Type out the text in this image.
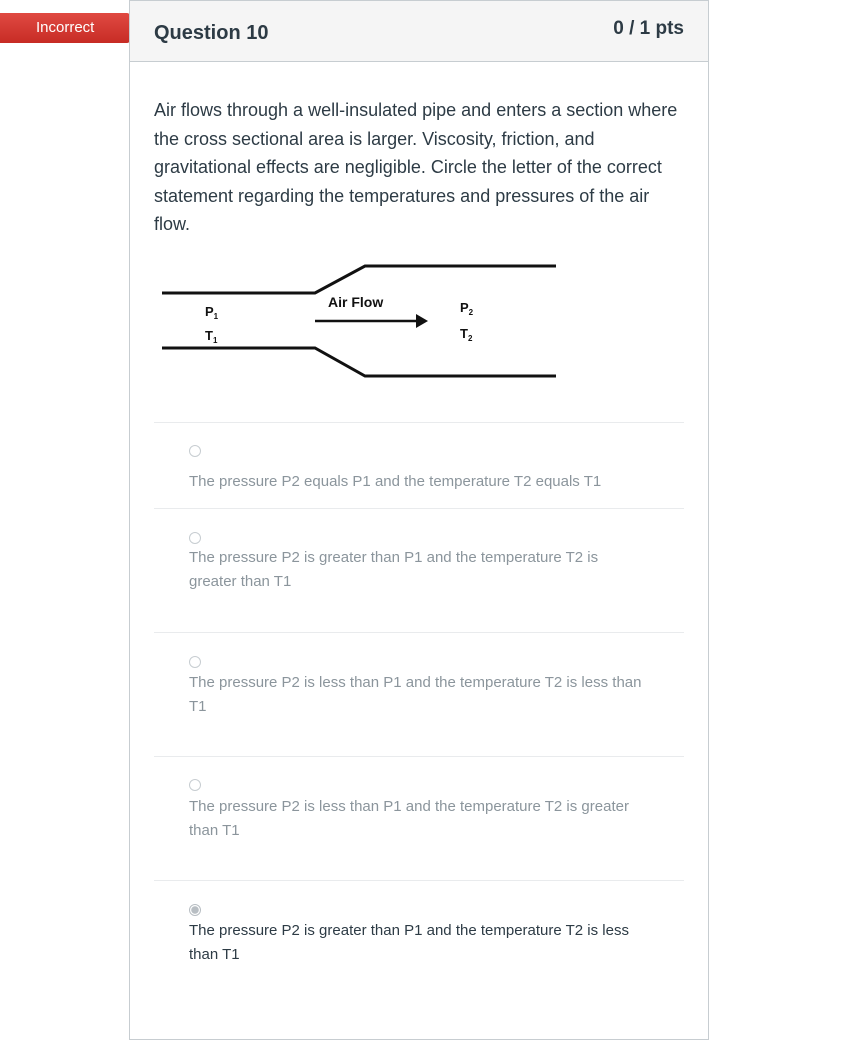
Incorrect	Question 10	0 / 1 pts
Air flows through a well-insulated pipe and enters a section where the cross sectional area is larger. Viscosity, friction, and gravitational effects are negligible. Circle the letter of the correct statement regarding the temperatures and pressures of the air flow.
Air Flow
$P_1$
$T_1$
$P_2$
$T_2$
The pressure P2 equals P1 and the temperature T2 equals T1
The pressure P2 is greater than P1 and the temperature T2 is greater than T1
The pressure P2 is less than P1 and the temperature T2 is less than T1
The pressure P2 is less than P1 and the temperature T2 is greater than T1
The pressure P2 is greater than P1 and the temperature T2 is less than T1
